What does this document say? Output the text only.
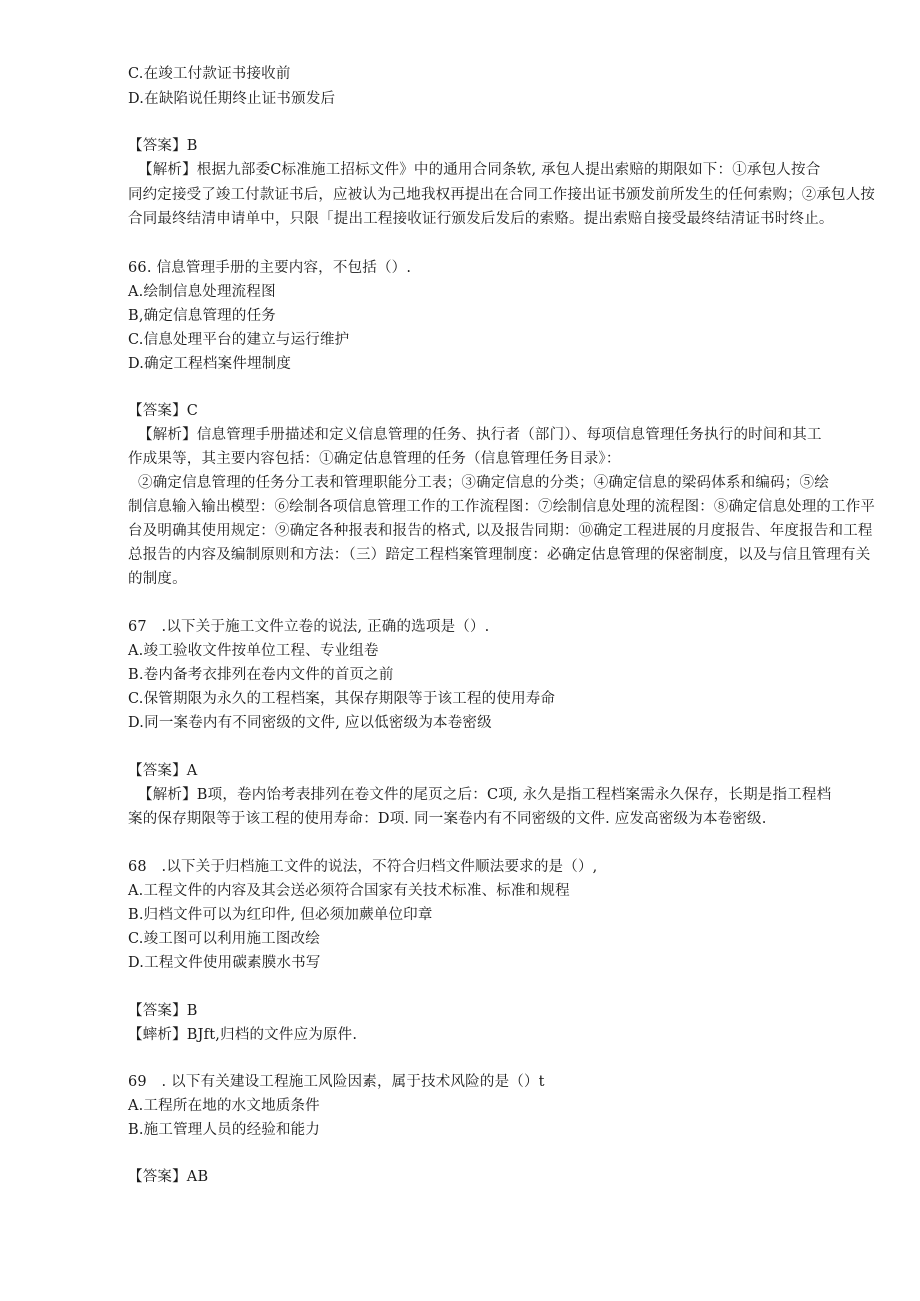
C.在竣工付款证书接收前
D.在缺陷说任期终止证书颁发后
【答案】B
【解析】根据九部委C标准施工招标文件》中的通用合同条软, 承包人提出索赔的期限如下：①承包人按合
同约定接受了竣工付款证书后，应被认为己地我权再提出在合同工作接出证书颁发前所发生的任何索购；②承包人按
合同最终结清申请单中，只限「提出工程接收证行颁发后发后的索赂。提出索赔自接受最终结清证书时终止。
66. 信息管理手册的主要内容，不包括（）.
A.绘制信息处理流程图
B,确定信息管理的任务
C.信息处理平台的建立与运行维护
D.确定工程档案件埋制度
【答案】C
【解析】信息管理手册描述和定义信息管理的任务、执行者（部门）、每项信息管理任务执行的时间和其工
作成果等，其主要内容包括：①确定估息管理的任务（信息管理任务目录》：
②确定信息管理的任务分工表和管理职能分工表；③确定信息的分类；④确定信息的梁码体系和编码；⑤绘
制信息输入输出模型：⑥绘制各项信息管理工作的工作流程图：⑦绘制信息处理的流程图：⑧确定信息处理的工作平
台及明确其使用规定：⑨确定各种报表和报告的格式, 以及报告同期：⑩确定工程进展的月度报告、年度报告和工程
总报告的内容及编制原则和方法：（三）踣定工程档案管理制度：必确定估息管理的保密制度，以及与信且管理有关
的制度。
67　.以下关于施工文件立卷的说法, 正确的选项是（）.
A.竣工验收文件按单位工程、专业组卷
B.卷内备考衣排列在卷内文件的首页之前
C.保管期限为永久的工程档案，其保存期限等于该工程的使用寿命
D.同一案卷内有不同密级的文件, 应以低密级为本卷密级
【答案】A
【解析】B项，卷内饴考表排列在卷文件的尾页之后：C项, 永久是指工程档案需永久保存，长期是指工程档
案的保存期限等于该工程的使用寿命：D项. 同一案卷内有不同密级的文件. 应发高密级为本卷密级.
68　.以下关于归档施工文件的说法，不符合归档文件顺法要求的是（）,
A.工程文件的内容及其会送必须符合国家有关技术标准、标准和规程
B.归档文件可以为红印件, 但必须加蕨单位印章
C.竣工图可以利用施工图改绘
D.工程文件使用碳素膜水书写
【答案】B
【蟀析】BJft,归档的文件应为原件.
69　. 以下有关建设工程施工风险因素，属于技术风险的是（）t
A.工程所在地的水文地质条件
B.施工管理人员的经验和能力
【答案】AB
